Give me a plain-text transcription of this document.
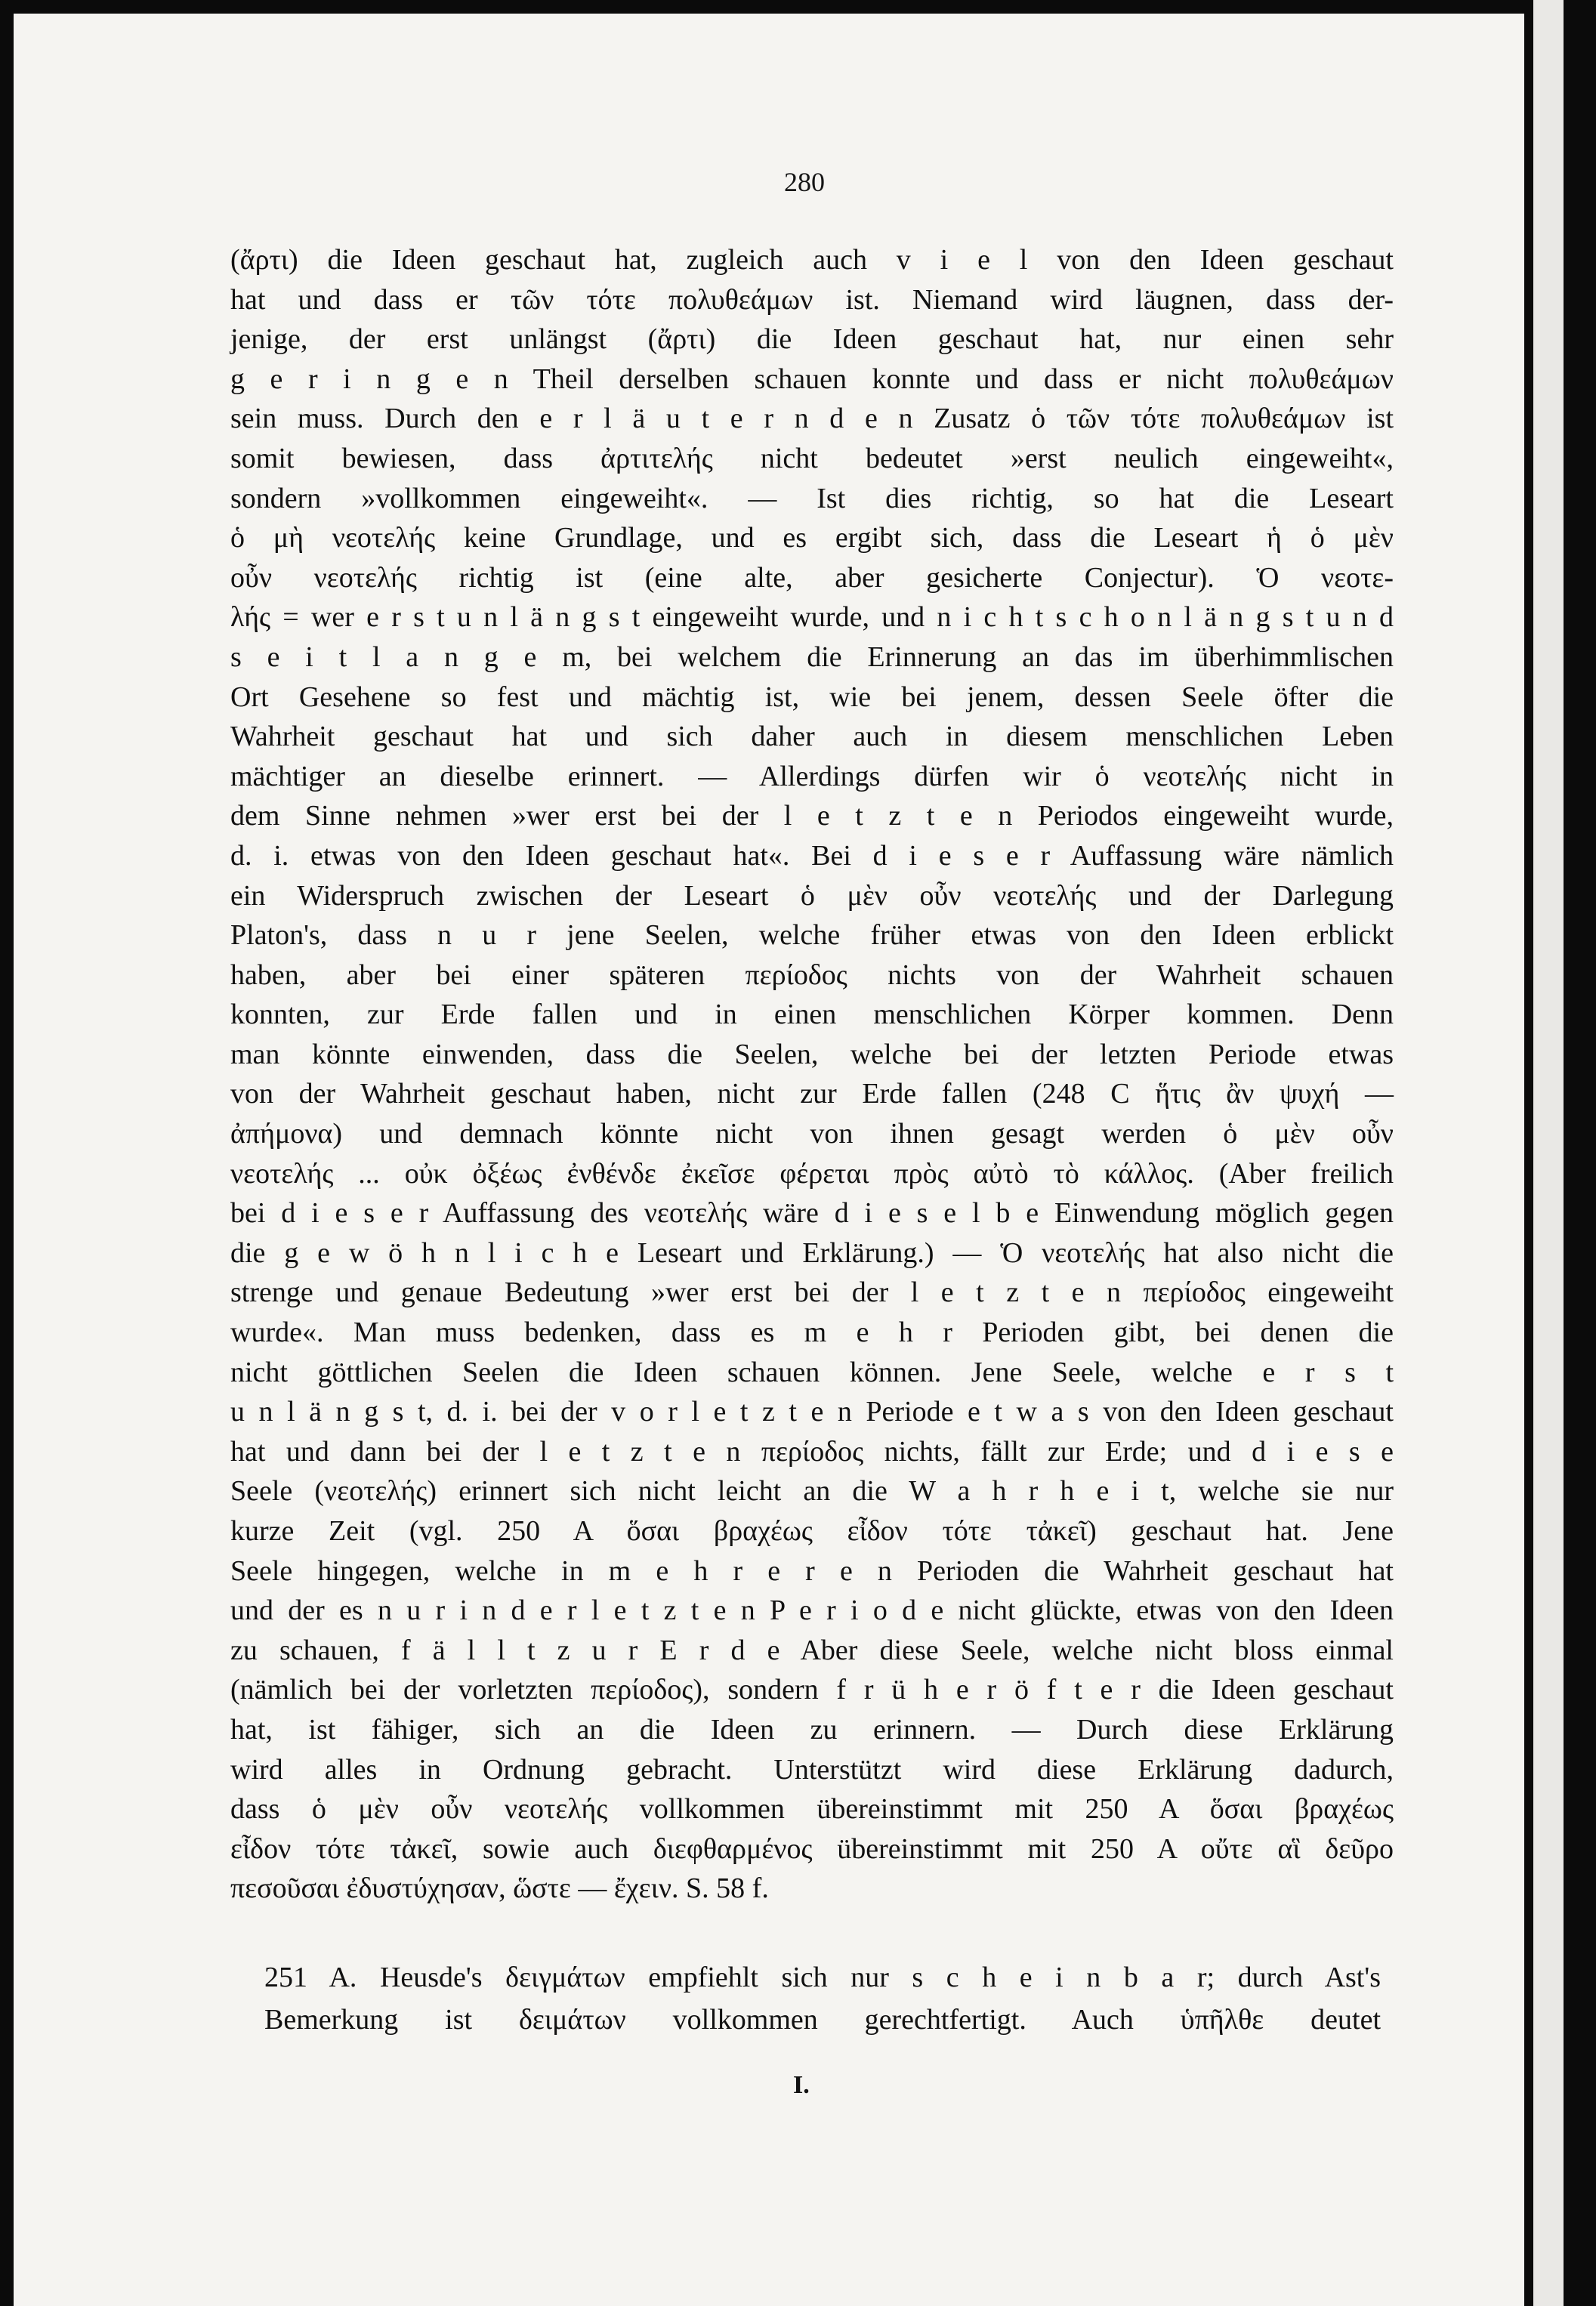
280
(ἄρτι) die Ideen geschaut hat, zugleich auch v i e l von den Ideen geschaut
hat und dass er τῶν τότε πολυθεάμων ist. Niemand wird läugnen, dass der-
jenige, der erst unlängst (ἄρτι) die Ideen geschaut hat, nur einen sehr
g e r i n g e n Theil derselben schauen konnte und dass er nicht πολυθεάμων
sein muss. Durch den e r l ä u t e r n d e n Zusatz ὁ τῶν τότε πολυθεάμων ist
somit bewiesen, dass ἀρτιτελής nicht bedeutet »erst neulich eingeweiht«,
sondern »vollkommen eingeweiht«. — Ist dies richtig, so hat die Leseart
ὁ μὴ νεοτελής keine Grundlage, und es ergibt sich, dass die Leseart ἡ ὁ μὲν
οὖν νεοτελής richtig ist (eine alte, aber gesicherte Conjectur). Ὁ νεοτε-
λής = wer e r s t u n l ä n g s t eingeweiht wurde, und n i c h t s c h o n l ä n g s t u n d
s e i t l a n g e m, bei welchem die Erinnerung an das im überhimmlischen
Ort Gesehene so fest und mächtig ist, wie bei jenem, dessen Seele öfter die
Wahrheit geschaut hat und sich daher auch in diesem menschlichen Leben
mächtiger an dieselbe erinnert. — Allerdings dürfen wir ὁ νεοτελής nicht in
dem Sinne nehmen »wer erst bei der l e t z t e n Periodos eingeweiht wurde,
d. i. etwas von den Ideen geschaut hat«. Bei d i e s e r Auffassung wäre nämlich
ein Widerspruch zwischen der Leseart ὁ μὲν οὖν νεοτελής und der Darlegung
Platon's, dass n u r jene Seelen, welche früher etwas von den Ideen erblickt
haben, aber bei einer späteren περίοδος nichts von der Wahrheit schauen
konnten, zur Erde fallen und in einen menschlichen Körper kommen. Denn
man könnte einwenden, dass die Seelen, welche bei der letzten Periode etwas
von der Wahrheit geschaut haben, nicht zur Erde fallen (248 C ἥτις ἂν ψυχή —
ἀπήμονα) und demnach könnte nicht von ihnen gesagt werden ὁ μὲν οὖν
νεοτελής ... οὐκ ὀξέως ἐνθένδε ἐκεῖσε φέρεται πρὸς αὐτὸ τὸ κάλλος. (Aber freilich
bei d i e s e r Auffassung des νεοτελής wäre d i e s e l b e Einwendung möglich gegen
die g e w ö h n l i c h e Leseart und Erklärung.) — Ὁ νεοτελής hat also nicht die
strenge und genaue Bedeutung »wer erst bei der l e t z t e n περίοδος eingeweiht
wurde«. Man muss bedenken, dass es m e h r Perioden gibt, bei denen die
nicht göttlichen Seelen die Ideen schauen können. Jene Seele, welche e r s t
u n l ä n g s t, d. i. bei der v o r l e t z t e n Periode e t w a s von den Ideen geschaut
hat und dann bei der l e t z t e n περίοδος nichts, fällt zur Erde; und d i e s e
Seele (νεοτελής) erinnert sich nicht leicht an die W a h r h e i t, welche sie nur
kurze Zeit (vgl. 250 A ὅσαι βραχέως εἶδον τότε τἀκεῖ) geschaut hat. Jene
Seele hingegen, welche in m e h r e r e n Perioden die Wahrheit geschaut hat
und der es n u r i n d e r l e t z t e n P e r i o d e nicht glückte, etwas von den Ideen
zu schauen, f ä l l t z u r E r d e Aber diese Seele, welche nicht bloss einmal
(nämlich bei der vorletzten περίοδος), sondern f r ü h e r ö f t e r die Ideen geschaut
hat, ist fähiger, sich an die Ideen zu erinnern. — Durch diese Erklärung
wird alles in Ordnung gebracht. Unterstützt wird diese Erklärung dadurch,
dass ὁ μὲν οὖν νεοτελής vollkommen übereinstimmt mit 250 A ὅσαι βραχέως
εἶδον τότε τἀκεῖ, sowie auch διεφθαρμένος übereinstimmt mit 250 A οὔτε αἳ δεῦρο
πεσοῦσαι ἐδυστύχησαν, ὥστε — ἔχειν. S. 58 f.
251 A. Heusde's δειγμάτων empfiehlt sich nur s c h e i n b a r; durch Ast's
Bemerkung ist δειμάτων vollkommen gerechtfertigt. Auch ὑπῆλθε deutet
I.
